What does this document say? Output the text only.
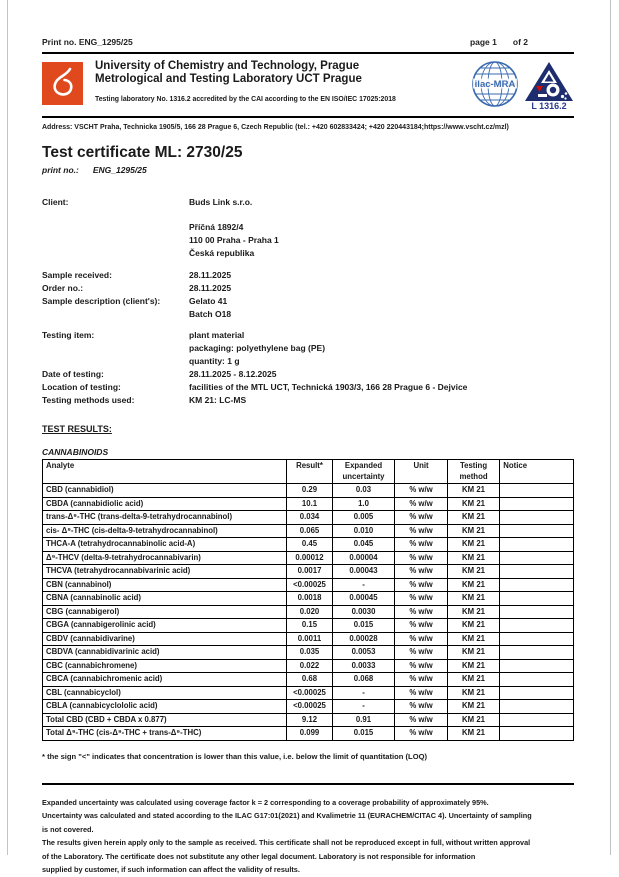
Print no. ENG_1295/25	page 1 of 2
University of Chemistry and Technology, Prague
Metrological and Testing Laboratory UCT Prague
Testing laboratory No. 1316.2 accredited by the CAI according to the EN ISO/IEC 17025:2018
ilac-MRA
L 1316.2
Address: VSCHT Praha, Technicka 1905/5, 166 28 Prague 6, Czech Republic (tel.: +420 602833424; +420 220443184;https://www.vscht.cz/mzl)
Test certificate ML: 2730/25
print no.: ENG_1295/25
Client:	Buds Link s.r.o.
Příčná 1892/4
110 00 Praha - Praha 1
Česká republika
Sample received:	28.11.2025
Order no.:	28.11.2025
Sample description (client's):	Gelato 41
Batch O18
Testing item:	plant material
packaging: polyethylene bag (PE)
quantity: 1 g
Date of testing:	28.11.2025 - 8.12.2025
Location of testing:	facilities of the MTL UCT, Technická 1903/3, 166 28 Prague 6 - Dejvice
Testing methods used:	KM 21: LC-MS
TEST RESULTS:
CANNABINOIDS
Analyte	Result*	Expanded uncertainty	Unit	Testing method	Notice
CBD (cannabidiol)	0.29	0.03	% w/w	KM 21	
CBDA (cannabidiolic acid)	10.1	1.0	% w/w	KM 21	
trans-Δ⁹-THC (trans-delta-9-tetrahydrocannabinol)	0.034	0.005	% w/w	KM 21	
cis- Δ⁹-THC (cis-delta-9-tetrahydrocannabinol)	0.065	0.010	% w/w	KM 21	
THCA-A (tetrahydrocannabinolic acid-A)	0.45	0.045	% w/w	KM 21	
Δ⁹-THCV (delta-9-tetrahydrocannabivarin)	0.00012	0.00004	% w/w	KM 21	
THCVA (tetrahydrocannabivarinic acid)	0.0017	0.00043	% w/w	KM 21	
CBN (cannabinol)	<0.00025	-	% w/w	KM 21	
CBNA (cannabinolic acid)	0.0018	0.00045	% w/w	KM 21	
CBG (cannabigerol)	0.020	0.0030	% w/w	KM 21	
CBGA (cannabigerolinic acid)	0.15	0.015	% w/w	KM 21	
CBDV (cannabidivarine)	0.0011	0.00028	% w/w	KM 21	
CBDVA (cannabidivarinic acid)	0.035	0.0053	% w/w	KM 21	
CBC (cannabichromene)	0.022	0.0033	% w/w	KM 21	
CBCA (cannabichromenic acid)	0.68	0.068	% w/w	KM 21	
CBL (cannabicyclol)	<0.00025	-	% w/w	KM 21	
CBLA (cannabicyclololic acid)	<0.00025	-	% w/w	KM 21	
Total CBD (CBD + CBDA x 0.877)	9.12	0.91	% w/w	KM 21	
Total Δ⁹-THC (cis-Δ⁹-THC + trans-Δ⁹-THC)	0.099	0.015	% w/w	KM 21	
* the sign "<" indicates that concentration is lower than this value, i.e. below the limit of quantitation (LOQ)
Expanded uncertainty was calculated using coverage factor k = 2 corresponding to a coverage probability of approximately 95%.
Uncertainty was calculated and stated according to the ILAC G17:01(2021) and Kvalimetrie 11 (EURACHEM/CITAC 4). Uncertainty of sampling
is not covered.
The results given herein apply only to the sample as received. This certificate shall not be reproduced except in full, without written approval
of the Laboratory. The certificate does not substitute any other legal document. Laboratory is not responsible for information
supplied by customer, if such information can affect the validity of results.
